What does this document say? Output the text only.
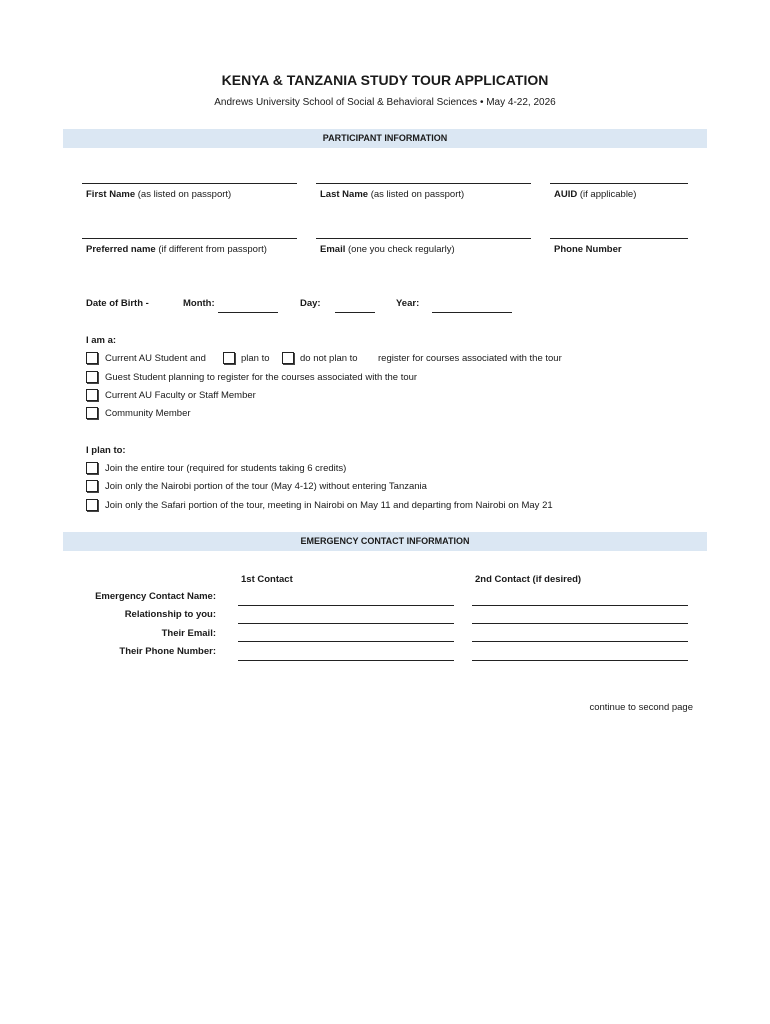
KENYA & TANZANIA STUDY TOUR APPLICATION
Andrews University School of Social & Behavioral Sciences • May 4-22, 2026
PARTICIPANT INFORMATION
First Name (as listed on passport)	Last Name (as listed on passport)	AUID (if applicable)
Preferred name (if different from passport)	Email (one you check regularly)	Phone Number
Date of Birth -	Month:	Day:	Year:
I am a:
Current AU Student and	plan to	do not plan to register for courses associated with the tour
Guest Student planning to register for the courses associated with the tour
Current AU Faculty or Staff Member
Community Member
I plan to:
Join the entire tour (required for students taking 6 credits)
Join only the Nairobi portion of the tour (May 4-12) without entering Tanzania
Join only the Safari portion of the tour, meeting in Nairobi on May 11 and departing from Nairobi on May 21
EMERGENCY CONTACT INFORMATION
1st Contact	2nd Contact (if desired)
Emergency Contact Name:
Relationship to you:
Their Email:
Their Phone Number:
continue to second page
